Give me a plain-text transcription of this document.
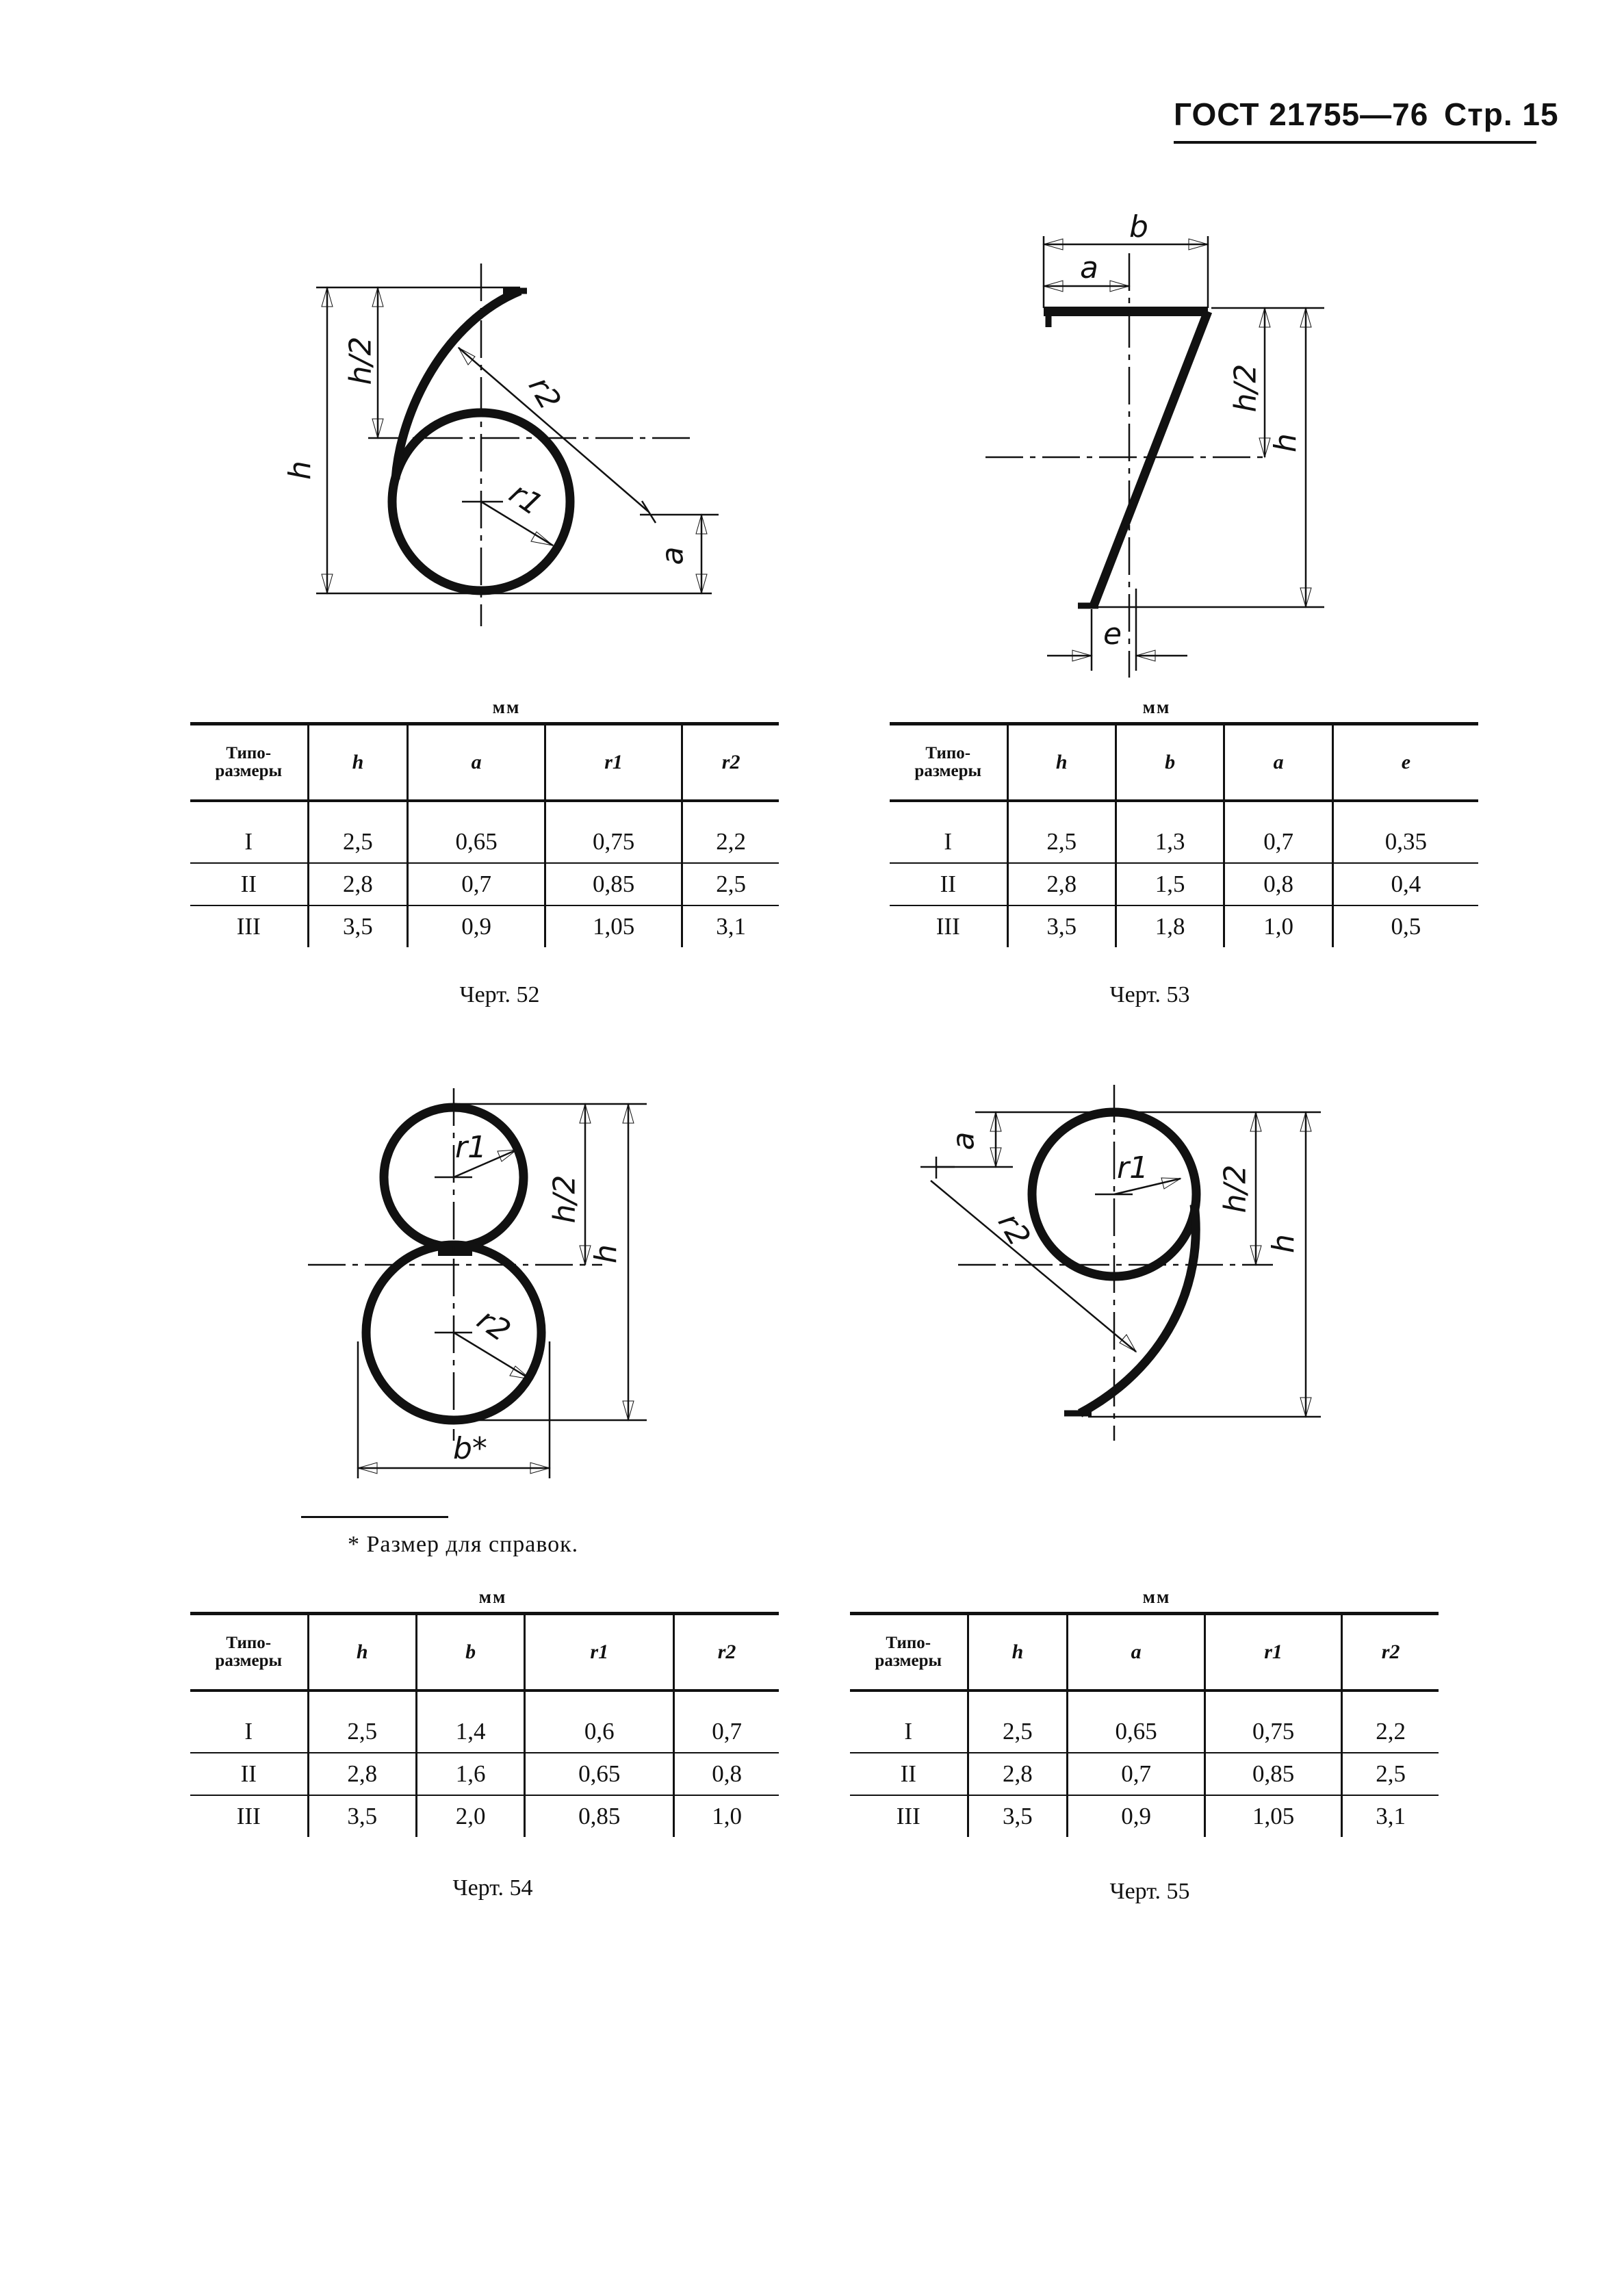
ГОСТ 21755—76 Стр. 15
h
h/2
r2
r1
a
b
a
h/2
h
e
r1
r2
h/2
h
b*
* Размер для справок.
a
r1
r2
h/2
h
мм
Типо-
размеры	h	a	r1	r2
I	2,5	0,65	0,75	2,2
II	2,8	0,7	0,85	2,5
III	3,5	0,9	1,05	3,1
Черт. 52
мм
Типо-
размеры	h	b	a	e
I	2,5	1,3	0,7	0,35
II	2,8	1,5	0,8	0,4
III	3,5	1,8	1,0	0,5
Черт. 53
мм
Типо-
размеры	h	b	r1	r2
I	2,5	1,4	0,6	0,7
II	2,8	1,6	0,65	0,8
III	3,5	2,0	0,85	1,0
Черт. 54
мм
Типо-
размеры	h	a	r1	r2
I	2,5	0,65	0,75	2,2
II	2,8	0,7	0,85	2,5
III	3,5	0,9	1,05	3,1
Черт. 55
